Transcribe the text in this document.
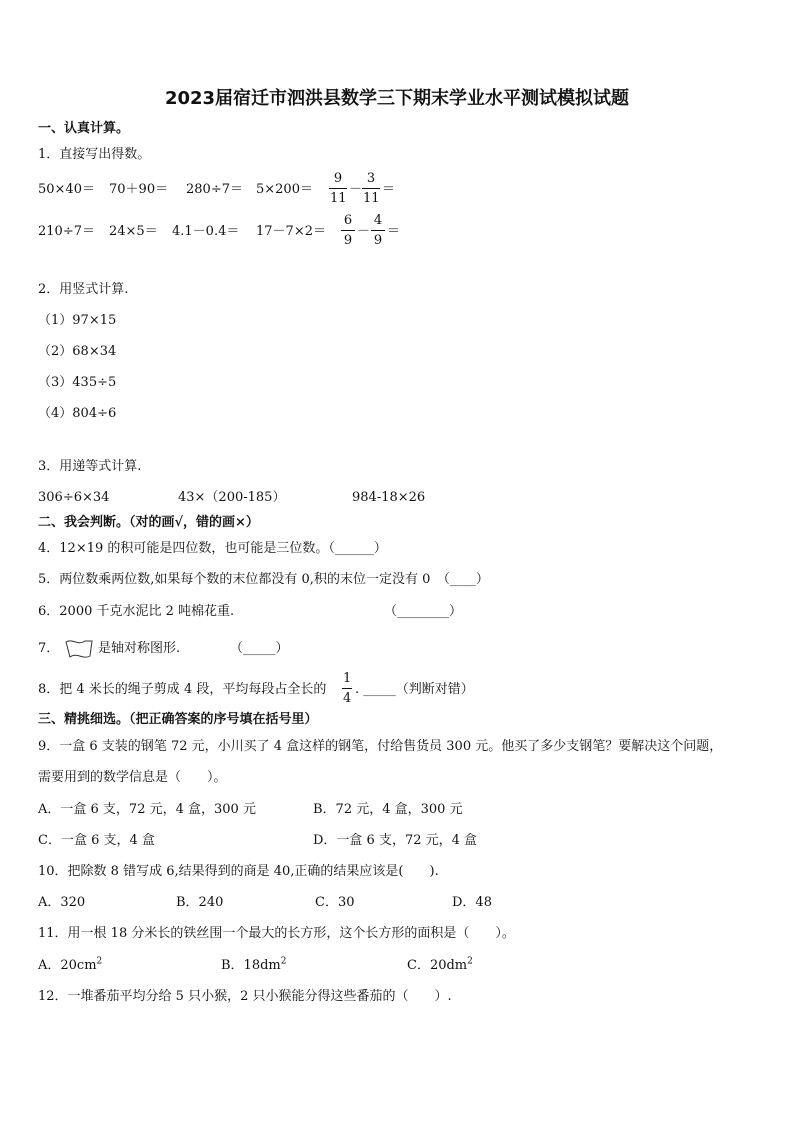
2023届宿迁市泗洪县数学三下期末学业水平测试模拟试题
一、认真计算。
1．直接写出得数。
50×40＝ 70＋90＝ 280÷7＝ 5×200＝
9
11
－
3
11
＝
210÷7＝ 24×5＝ 4.1－0.4＝ 17－7×2＝
6
9
－
4
9
＝
2．用竖式计算.
（1）97×15
（2）68×34
（3）435÷5
（4）804÷6
3．用递等式计算.
306÷6×34	43×（200-185）	984-18×26
二、我会判断。（对的画√，错的画×）
4．12×19 的积可能是四位数，也可能是三位数。（______）
5．两位数乘两位数,如果每个数的末位都没有 0,积的末位一定没有 0　（____）
6．2000 千克水泥比 2 吨棉花重.	（________）
7．	是轴对称图形.	（_____）
8．把 4 米长的绳子剪成 4 段，平均每段占全长的
1
4
. _____（判断对错）
三、精挑细选。（把正确答案的序号填在括号里）
9．一盒 6 支装的钢笔 72 元，小川买了 4 盒这样的钢笔，付给售货员 300 元。他买了多少支钢笔？要解决这个问题，
需要用到的数学信息是（　　）。
A．一盒 6 支，72 元，4 盒，300 元	B．72 元，4 盒，300 元
C．一盒 6 支，4 盒	D．一盒 6 支，72 元，4 盒
10．把除数 8 错写成 6,结果得到的商是 40,正确的结果应该是(　　).
A．320	B．240	C．30	D．48
11．用一根 18 分米长的铁丝围一个最大的长方形，这个长方形的面积是（　　）。
A．$20cm^2$	B．$18dm^2$	C．$20dm^2$
12．一堆番茄平均分给 5 只小猴，2 只小猴能分得这些番茄的（　　）.
